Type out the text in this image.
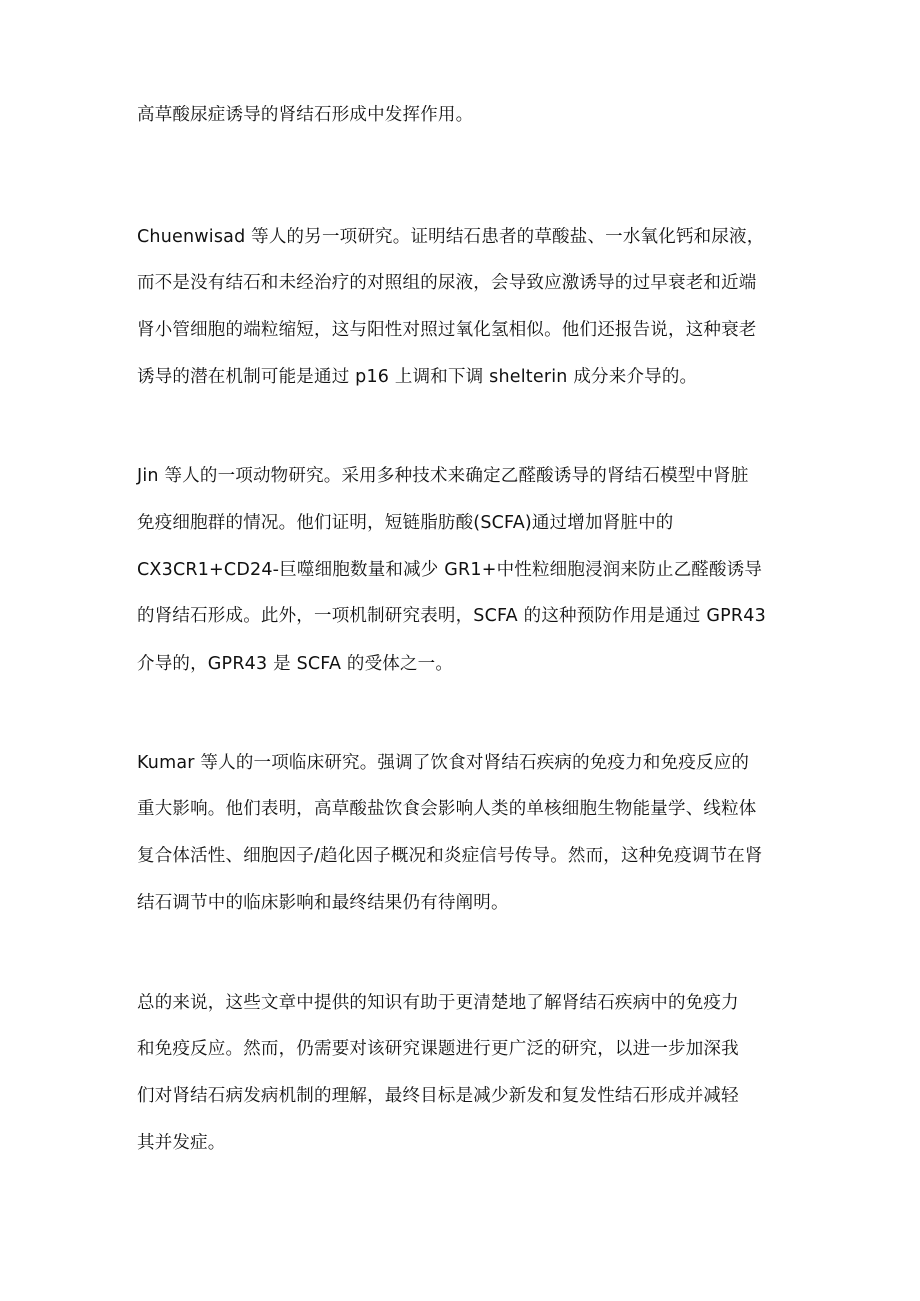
高草酸尿症诱导的肾结石形成中发挥作用。
Chuenwisad 等人的另一项研究。证明结石患者的草酸盐、一水氧化钙和尿液，
而不是没有结石和未经治疗的对照组的尿液，会导致应激诱导的过早衰老和近端
肾小管细胞的端粒缩短，这与阳性对照过氧化氢相似。他们还报告说，这种衰老
诱导的潜在机制可能是通过 p16 上调和下调 shelterin 成分来介导的。
Jin 等人的一项动物研究。采用多种技术来确定乙醛酸诱导的肾结石模型中肾脏
免疫细胞群的情况。他们证明，短链脂肪酸(SCFA)通过增加肾脏中的
CX3CR1+CD24-巨噬细胞数量和减少 GR1+中性粒细胞浸润来防止乙醛酸诱导
的肾结石形成。此外，一项机制研究表明，SCFA 的这种预防作用是通过 GPR43
介导的，GPR43 是 SCFA 的受体之一。
Kumar 等人的一项临床研究。强调了饮食对肾结石疾病的免疫力和免疫反应的
重大影响。他们表明，高草酸盐饮食会影响人类的单核细胞生物能量学、线粒体
复合体活性、细胞因子/趋化因子概况和炎症信号传导。然而，这种免疫调节在肾
结石调节中的临床影响和最终结果仍有待阐明。
总的来说，这些文章中提供的知识有助于更清楚地了解肾结石疾病中的免疫力
和免疫反应。然而，仍需要对该研究课题进行更广泛的研究，以进一步加深我
们对肾结石病发病机制的理解，最终目标是减少新发和复发性结石形成并减轻
其并发症。
